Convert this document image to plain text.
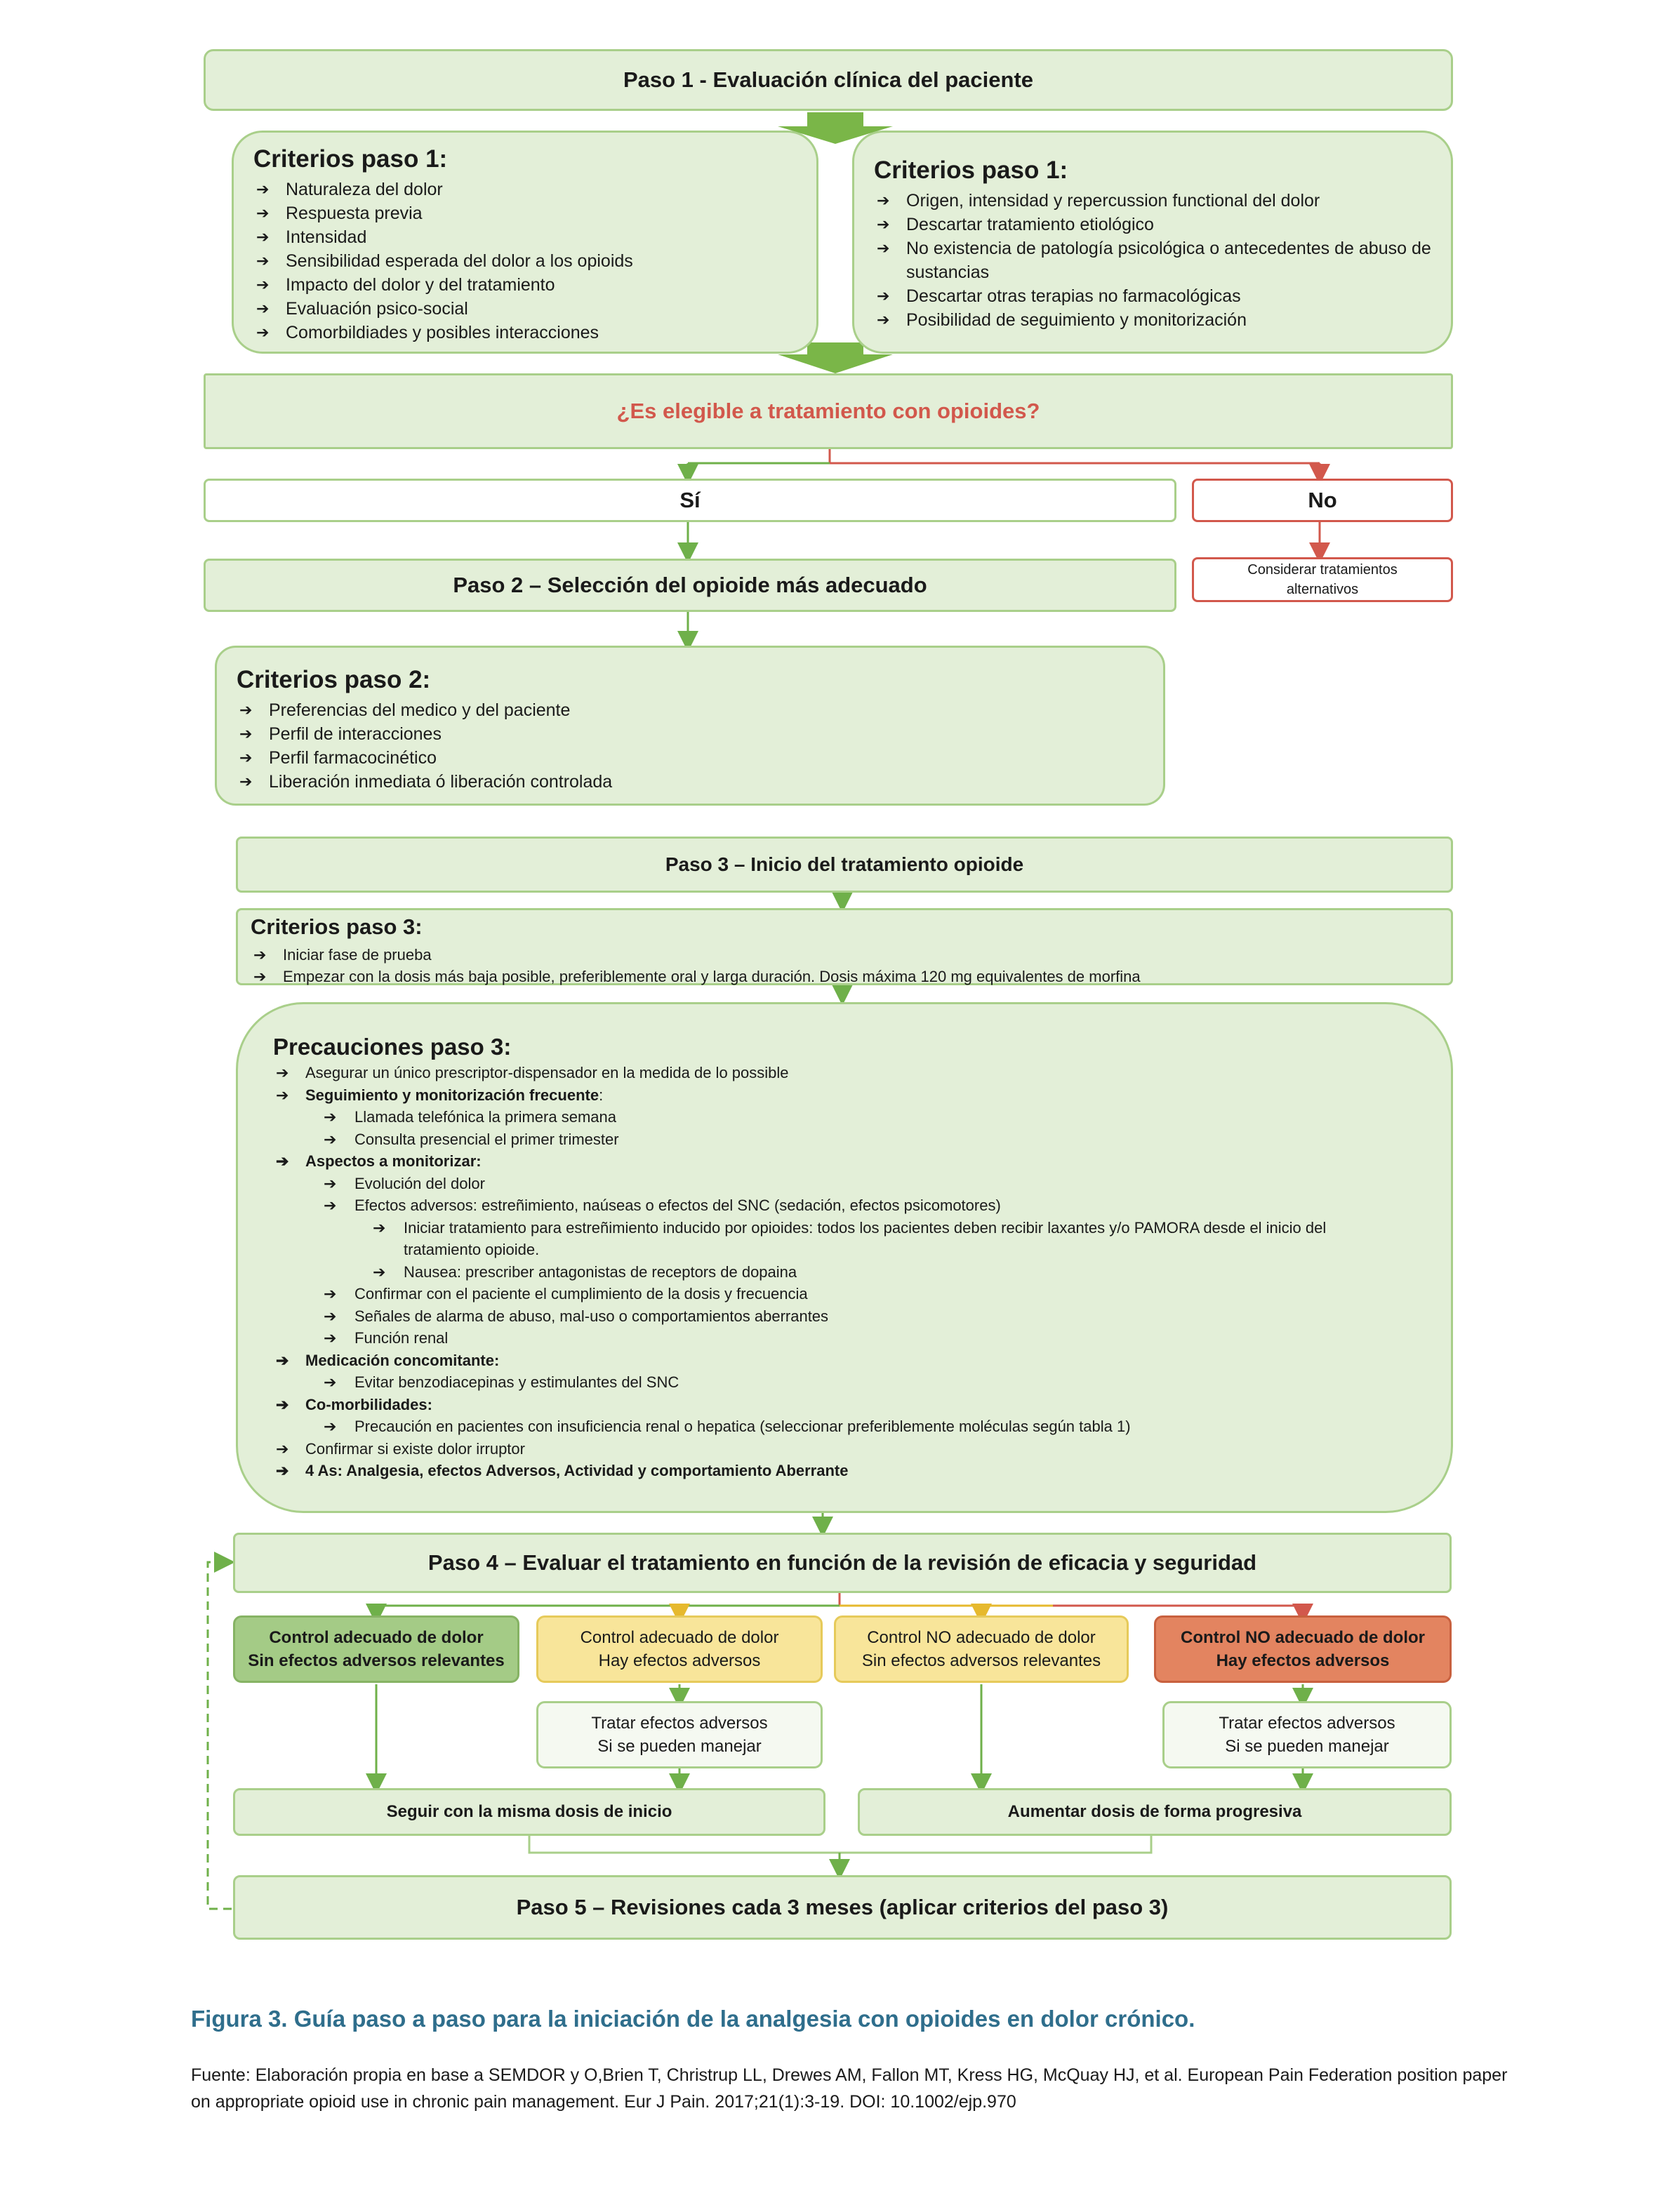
Paso 1 - Evaluación clínica del paciente
Criterios paso 1:
➔ Naturaleza del dolor
➔ Respuesta previa
➔ Intensidad
➔ Sensibilidad esperada del dolor a los opioids
➔ Impacto del dolor y del tratamiento
➔ Evaluación psico-social
➔ Comorbildiades y posibles interacciones
Criterios paso 1:
➔ Origen, intensidad y repercussion functional del dolor
➔ Descartar tratamiento etiológico
➔ No existencia de patología psicológica o antecedentes de abuso de sustancias
➔ Descartar otras terapias no farmacológicas
➔ Posibilidad de seguimiento y monitorización
¿Es elegible a tratamiento con opioides?
Sí	No
Considerar tratamientos alternativos
Paso 2 – Selección del opioide más adecuado
Criterios paso 2:
➔ Preferencias del medico y del paciente
➔ Perfil de interacciones
➔ Perfil farmacocinético
➔ Liberación inmediata ó liberación controlada
Paso 3 – Inicio del tratamiento opioide
Criterios paso 3:
➔ Iniciar fase de prueba
➔ Empezar con la dosis más baja posible, preferiblemente oral y larga duración. Dosis máxima 120 mg equivalentes de morfina
Precauciones paso 3:
➔ Asegurar un único prescriptor-dispensador en la medida de lo possible
➔ Seguimiento y monitorización frecuente:
➔ Llamada telefónica la primera semana
➔ Consulta presencial el primer trimester
➔ Aspectos a monitorizar:
➔ Evolución del dolor
➔ Efectos adversos: estreñimiento, naúseas o efectos del SNC (sedación, efectos psicomotores)
➔ Iniciar tratamiento para estreñimiento inducido por opioides: todos los pacientes deben recibir laxantes y/o PAMORA desde el inicio del tratamiento opioide.
➔ Nausea: prescriber antagonistas de receptors de dopaina
➔ Confirmar con el paciente el cumplimiento de la dosis y frecuencia
➔ Señales de alarma de abuso, mal-uso o comportamientos aberrantes
➔ Función renal
➔ Medicación concomitante:
➔ Evitar benzodiacepinas y estimulantes del SNC
➔ Co-morbilidades:
➔ Precaución en pacientes con insuficiencia renal o hepatica (seleccionar preferiblemente moléculas según tabla 1)
➔ Confirmar si existe dolor irruptor
➔ 4 As: Analgesia, efectos Adversos, Actividad y comportamiento Aberrante
Paso 4 – Evaluar el tratamiento en función de la revisión de eficacia y seguridad
Control adecuado de dolor
Sin efectos adversos relevantes
Control adecuado de dolor
Hay efectos adversos
Control NO adecuado de dolor
Sin efectos adversos relevantes
Control NO adecuado de dolor
Hay efectos adversos
Tratar efectos adversos
Si se pueden manejar
Tratar efectos adversos
Si se pueden manejar
Seguir con la misma dosis de inicio	Aumentar dosis de forma progresiva
Paso 5 – Revisiones cada 3 meses (aplicar criterios del paso 3)
Figura 3. Guía paso a paso para la iniciación de la analgesia con opioides en dolor crónico.
Fuente: Elaboración propia en base a SEMDOR y O,Brien T, Christrup LL, Drewes AM, Fallon MT, Kress HG, McQuay HJ, et al. European Pain Federation position paper on appropriate opioid use in chronic pain management. Eur J Pain. 2017;21(1):3-19. DOI: 10.1002/ejp.970
